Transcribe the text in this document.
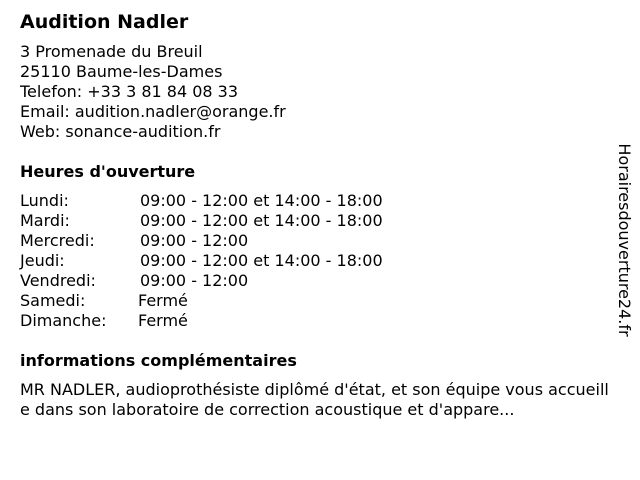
Audition Nadler
3 Promenade du Breuil
25110 Baume-les-Dames
Telefon: +33 3 81 84 08 33
Email: audition.nadler@orange.fr
Web: sonance-audition.fr
Heures d'ouverture
Lundi:	09:00 - 12:00 et 14:00 - 18:00
Mardi:	09:00 - 12:00 et 14:00 - 18:00
Mercredi:	09:00 - 12:00
Jeudi:	09:00 - 12:00 et 14:00 - 18:00
Vendredi:	09:00 - 12:00
Samedi:	Fermé
Dimanche:	Fermé
informations complémentaires
MR NADLER, audioprothésiste diplômé d'état, et son équipe vous accueille dans son laboratoire de correction acoustique et d'appare...
Horairesdouverture24.fr
